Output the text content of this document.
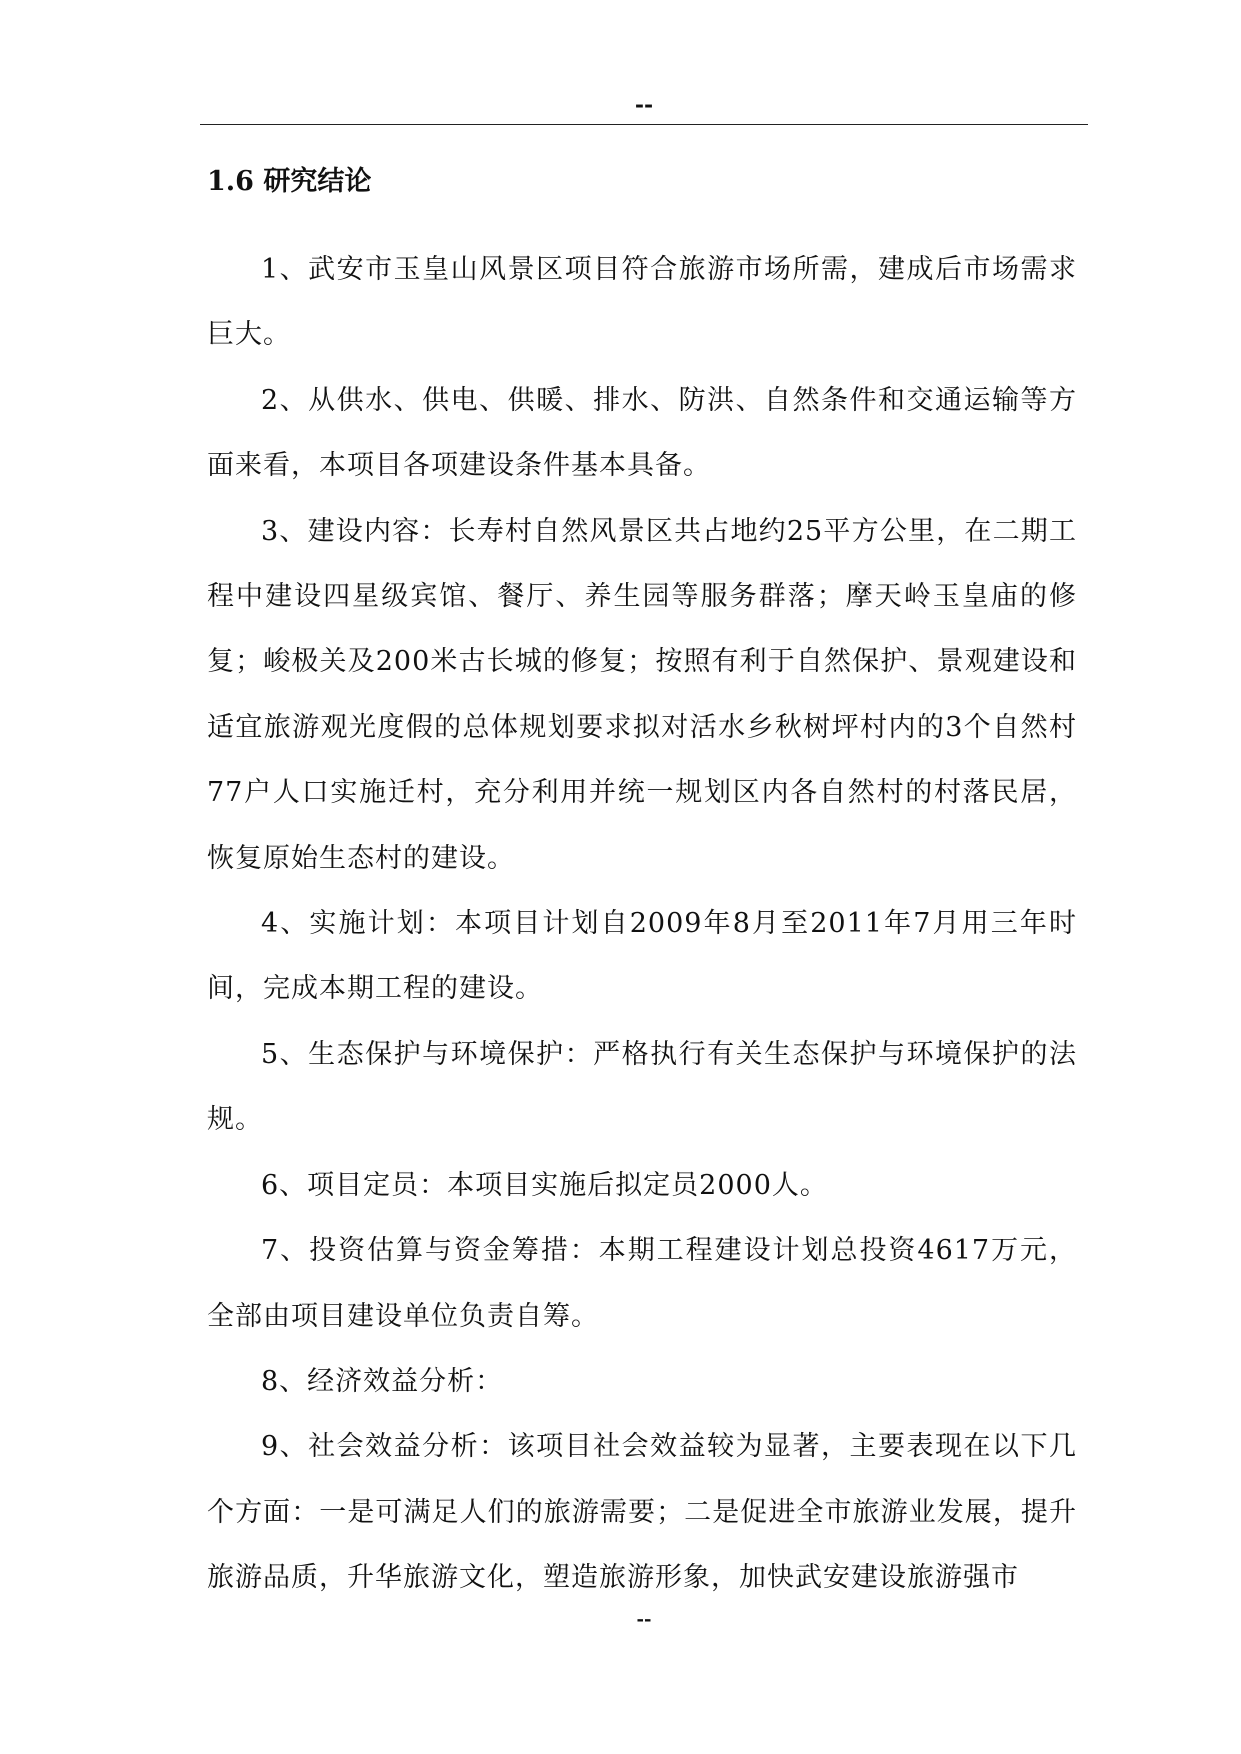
--
1.6 研究结论

1、武安市玉皇山风景区项目符合旅游市场所需，建成后市场需求巨大。

2、从供水、供电、供暖、排水、防洪、自然条件和交通运输等方面来看，本项目各项建设条件基本具备。

3、建设内容：长寿村自然风景区共占地约25平方公里，在二期工程中建设四星级宾馆、餐厅、养生园等服务群落；摩天岭玉皇庙的修复；峻极关及200米古长城的修复；按照有利于自然保护、景观建设和适宜旅游观光度假的总体规划要求拟对活水乡秋树坪村内的3个自然村77户人口实施迁村，充分利用并统一规划区内各自然村的村落民居，恢复原始生态村的建设。

4、实施计划：本项目计划自2009年8月至2011年7月用三年时间，完成本期工程的建设。

5、生态保护与环境保护：严格执行有关生态保护与环境保护的法规。

6、项目定员：本项目实施后拟定员2000人。

7、投资估算与资金筹措：本期工程建设计划总投资4617万元，全部由项目建设单位负责自筹。

8、经济效益分析：

9、社会效益分析：该项目社会效益较为显著，主要表现在以下几个方面：一是可满足人们的旅游需要；二是促进全市旅游业发展，提升旅游品质，升华旅游文化，塑造旅游形象，加快武安建设旅游强市

--
